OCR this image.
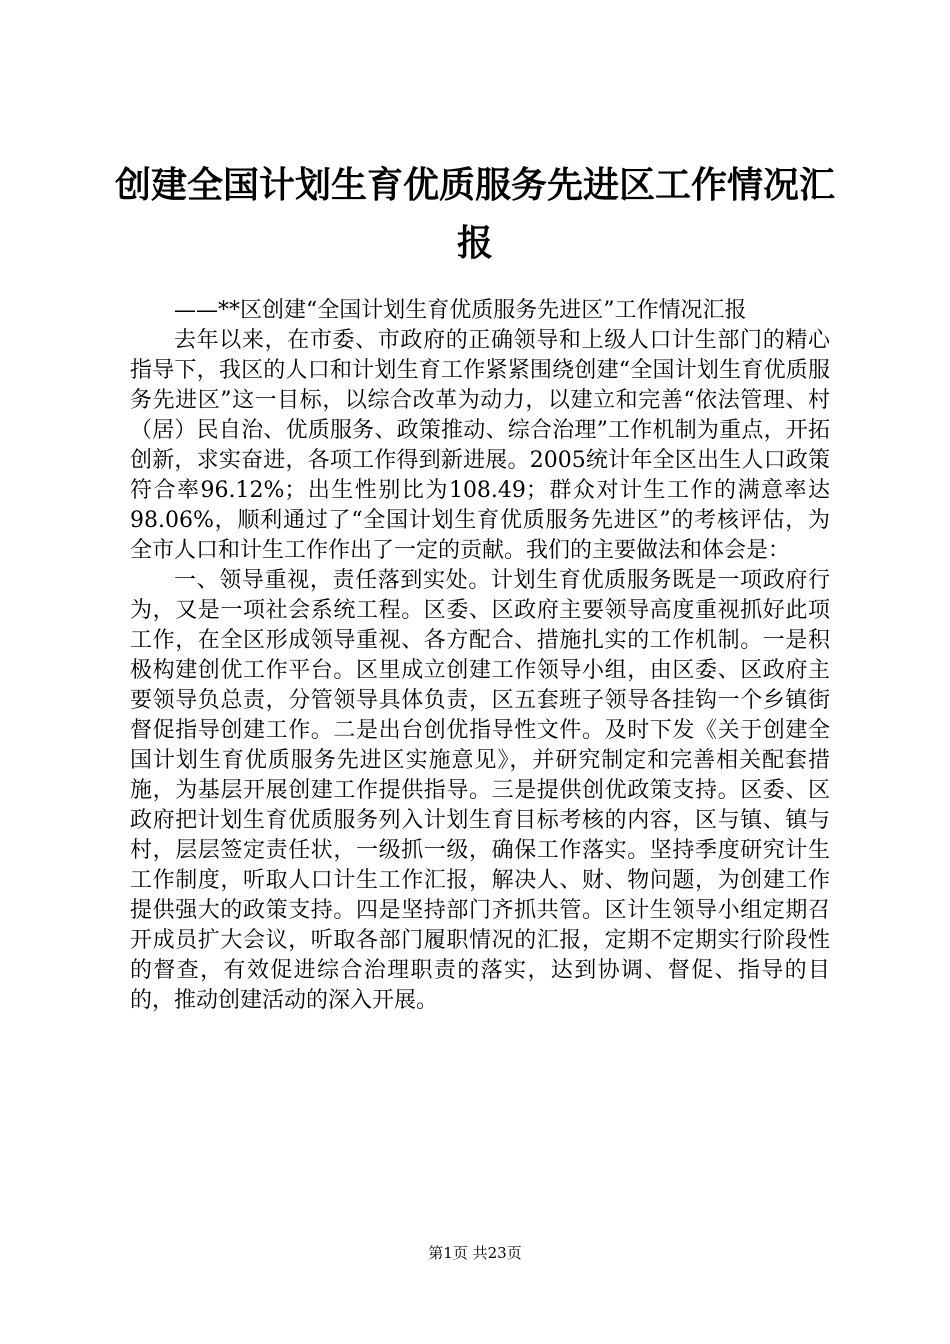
创建全国计划生育优质服务先进区工作情况汇报

——**区创建“全国计划生育优质服务先进区”工作情况汇报

去年以来，在市委、市政府的正确领导和上级人口计生部门的精心指导下，我区的人口和计划生育工作紧紧围绕创建“全国计划生育优质服务先进区”这一目标，以综合改革为动力，以建立和完善“依法管理、村（居）民自治、优质服务、政策推动、综合治理”工作机制为重点，开拓创新，求实奋进，各项工作得到新进展。2005统计年全区出生人口政策符合率96.12%；出生性别比为108.49；群众对计生工作的满意率达98.06%，顺利通过了“全国计划生育优质服务先进区”的考核评估，为全市人口和计生工作作出了一定的贡献。我们的主要做法和体会是：

一、领导重视，责任落到实处。计划生育优质服务既是一项政府行为，又是一项社会系统工程。区委、区政府主要领导高度重视抓好此项工作，在全区形成领导重视、各方配合、措施扎实的工作机制。一是积极构建创优工作平台。区里成立创建工作领导小组，由区委、区政府主要领导负总责，分管领导具体负责，区五套班子领导各挂钩一个乡镇街督促指导创建工作。二是出台创优指导性文件。及时下发《关于创建全国计划生育优质服务先进区实施意见》，并研究制定和完善相关配套措施，为基层开展创建工作提供指导。三是提供创优政策支持。区委、区政府把计划生育优质服务列入计划生育目标考核的内容，区与镇、镇与村，层层签定责任状，一级抓一级，确保工作落实。坚持季度研究计生工作制度，听取人口计生工作汇报，解决人、财、物问题，为创建工作提供强大的政策支持。四是坚持部门齐抓共管。区计生领导小组定期召开成员扩大会议，听取各部门履职情况的汇报，定期不定期实行阶段性的督查，有效促进综合治理职责的落实，达到协调、督促、指导的目的，推动创建活动的深入开展。

第1页 共23页
